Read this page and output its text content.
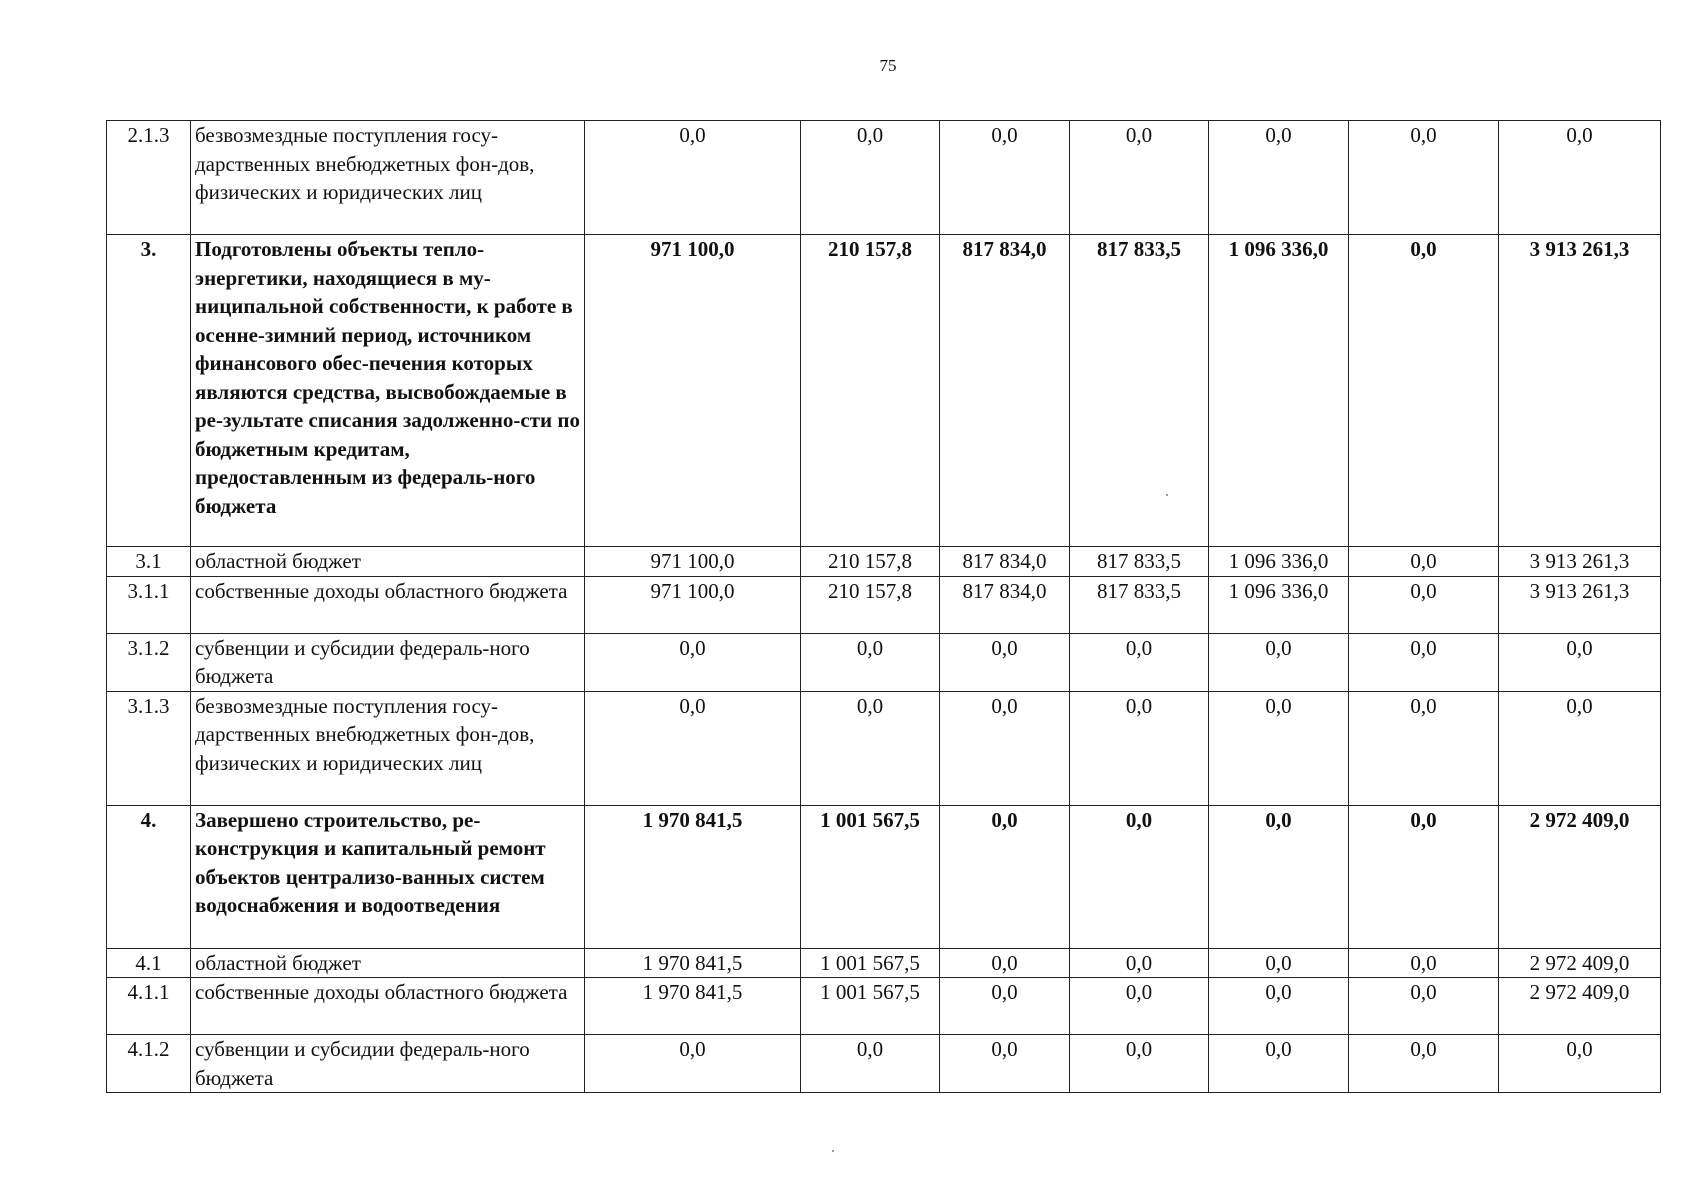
75
2.1.3	безвозмездные поступления госу-дарственных внебюджетных фон-дов, физических и юридических лиц	0,0	0,0	0,0	0,0	0,0	0,0	0,0
3.	Подготовлены объекты тепло-энергетики, находящиеся в му-ниципальной собственности, к работе в осенне-зимний период, источником финансового обес-печения которых являются средства, высвобождаемые в ре-зультате списания задолженно-сти по бюджетным кредитам, предоставленным из федераль-ного бюджета	971 100,0	210 157,8	817 834,0	817 833,5	1 096 336,0	0,0	3 913 261,3
3.1	областной бюджет	971 100,0	210 157,8	817 834,0	817 833,5	1 096 336,0	0,0	3 913 261,3
3.1.1	собственные доходы областного бюджета	971 100,0	210 157,8	817 834,0	817 833,5	1 096 336,0	0,0	3 913 261,3
3.1.2	субвенции и субсидии федераль-ного бюджета	0,0	0,0	0,0	0,0	0,0	0,0	0,0
3.1.3	безвозмездные поступления госу-дарственных внебюджетных фон-дов, физических и юридических лиц	0,0	0,0	0,0	0,0	0,0	0,0	0,0
4.	Завершено строительство, ре-конструкция и капитальный ремонт объектов централизо-ванных систем водоснабжения и водоотведения	1 970 841,5	1 001 567,5	0,0	0,0	0,0	0,0	2 972 409,0
4.1	областной бюджет	1 970 841,5	1 001 567,5	0,0	0,0	0,0	0,0	2 972 409,0
4.1.1	собственные доходы областного бюджета	1 970 841,5	1 001 567,5	0,0	0,0	0,0	0,0	2 972 409,0
4.1.2	субвенции и субсидии федераль-ного бюджета	0,0	0,0	0,0	0,0	0,0	0,0	0,0
